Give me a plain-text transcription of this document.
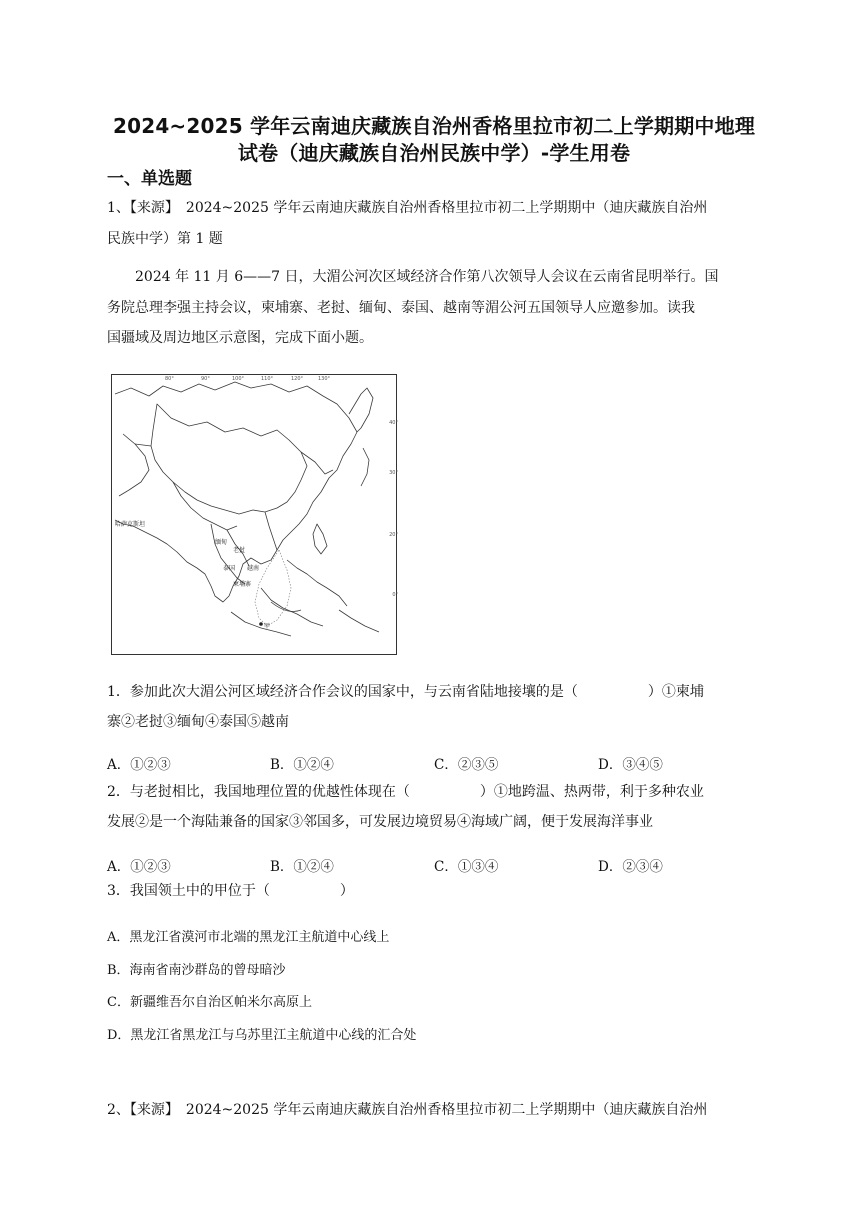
2024~2025 学年云南迪庆藏族自治州香格里拉市初二上学期期中地理
试卷（迪庆藏族自治州民族中学）-学生用卷
一、单选题
1、【来源】　2024~2025 学年云南迪庆藏族自治州香格里拉市初二上学期期中（迪庆藏族自治州
民族中学）第 1 题
2024 年 11 月 6——7 日，大湄公河次区域经济合作第八次领导人会议在云南省昆明举行。国
务院总理李强主持会议，柬埔寨、老挝、缅甸、泰国、越南等湄公河五国领导人应邀参加。读我
国疆域及周边地区示意图，完成下面小题。
80°	90°	100°	110°	120°	130°
40°
30°
20°
0°
哈萨克斯坦
缅甸
老挝
越南
泰国
柬埔寨
甲
1．参加此次大湄公河区域经济合作会议的国家中，与云南省陆地接壤的是（　　　　　）①柬埔
寨②老挝③缅甸④泰国⑤越南
A．①②③	B．①②④	C．②③⑤	D．③④⑤
2．与老挝相比，我国地理位置的优越性体现在（　　　　　）①地跨温、热两带，利于多种农业
发展②是一个海陆兼备的国家③邻国多，可发展边境贸易④海域广阔，便于发展海洋事业
A．①②③	B．①②④	C．①③④	D．②③④
3．我国领土中的甲位于（　　　　　）
A．黑龙江省漠河市北端的黑龙江主航道中心线上
B．海南省南沙群岛的曾母暗沙
C．新疆维吾尔自治区帕米尔高原上
D．黑龙江省黑龙江与乌苏里江主航道中心线的汇合处
2、【来源】　2024~2025 学年云南迪庆藏族自治州香格里拉市初二上学期期中（迪庆藏族自治州
